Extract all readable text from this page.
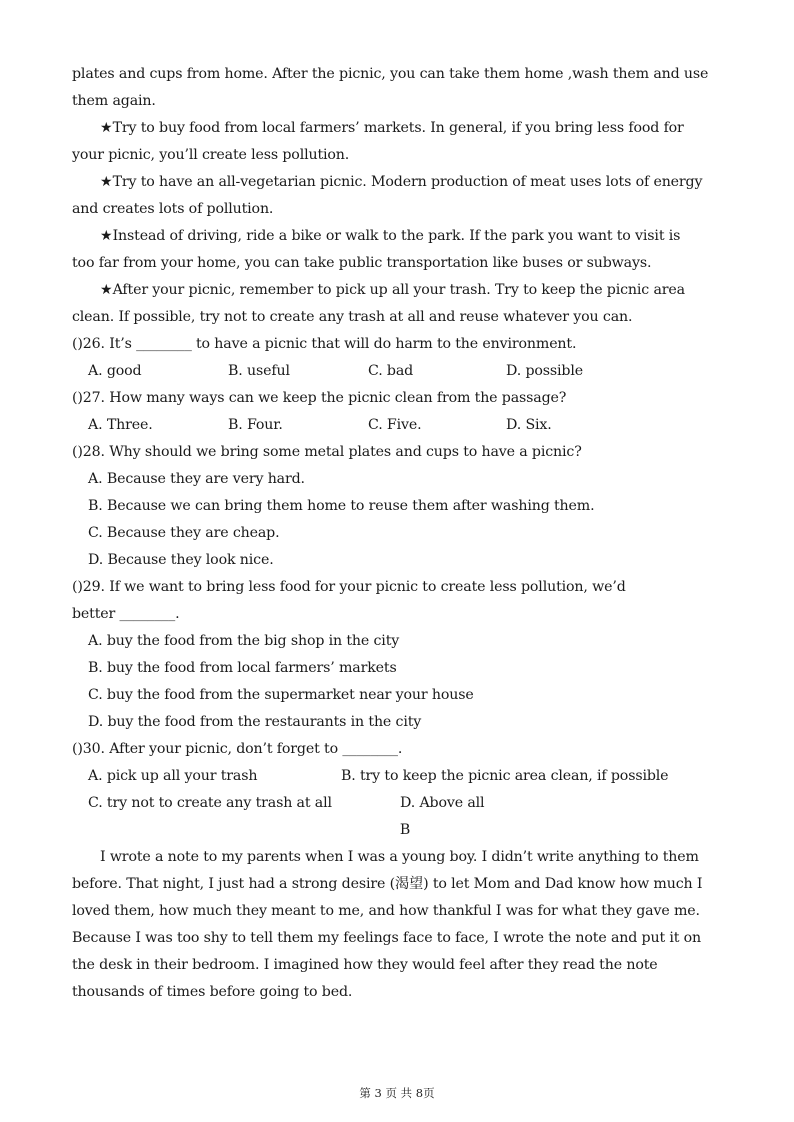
plates and cups from home. After the picnic, you can take them home ,wash them and use
them again.
★Try to buy food from local farmers’ markets. In general, if you bring less food for
your picnic, you’ll create less pollution.
★Try to have an all-vegetarian picnic. Modern production of meat uses lots of energy
and creates lots of pollution.
★Instead of driving, ride a bike or walk to the park. If the park you want to visit is
too far from your home, you can take public transportation like buses or subways.
★After your picnic, remember to pick up all your trash. Try to keep the picnic area
clean. If possible, try not to create any trash at all and reuse whatever you can.
()26. It’s ________ to have a picnic that will do harm to the environment.
A. good	B. useful	C. bad	D. possible
()27. How many ways can we keep the picnic clean from the passage?
A. Three.	B. Four.	C. Five.	D. Six.
()28. Why should we bring some metal plates and cups to have a picnic?
A. Because they are very hard.
B. Because we can bring them home to reuse them after washing them.
C. Because they are cheap.
D. Because they look nice.
()29. If we want to bring less food for your picnic to create less pollution, we’d
better ________.
A. buy the food from the big shop in the city
B. buy the food from local farmers’ markets
C. buy the food from the supermarket near your house
D. buy the food from the restaurants in the city
()30. After your picnic, don’t forget to ________.
A. pick up all your trash	B. try to keep the picnic area clean, if possible
C. try not to create any trash at all	D. Above all
B
I wrote a note to my parents when I was a young boy. I didn’t write anything to them
before. That night, I just had a strong desire (渴望) to let Mom and Dad know how much I
loved them, how much they meant to me, and how thankful I was for what they gave me.
Because I was too shy to tell them my feelings face to face, I wrote the note and put it on
the desk in their bedroom. I imagined how they would feel after they read the note
thousands of times before going to bed.
第 3 页 共 8页
